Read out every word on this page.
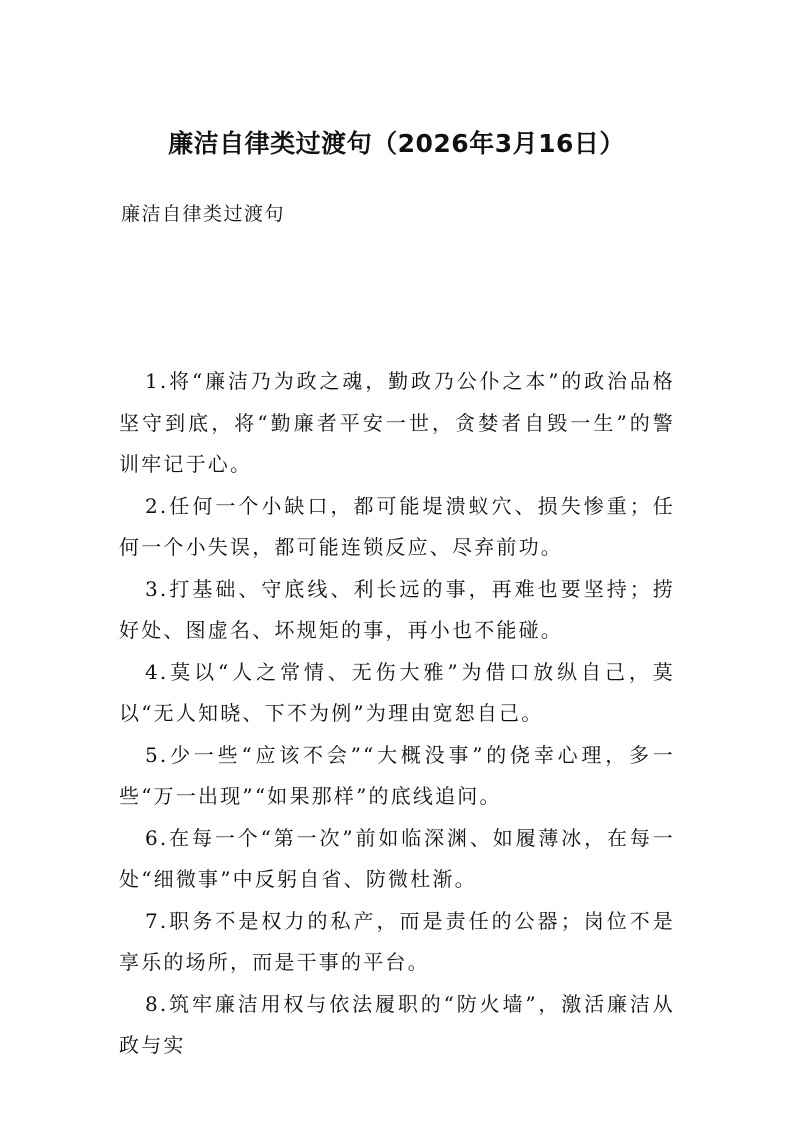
廉洁自律类过渡句（2026年3月16日）
廉洁自律类过渡句

1.将“廉洁乃为政之魂，勤政乃公仆之本”的政治品格坚守到底，将“勤廉者平安一世，贪婪者自毁一生”的警训牢记于心。

2.任何一个小缺口，都可能堤溃蚁穴、损失惨重；任何一个小失误，都可能连锁反应、尽弃前功。

3.打基础、守底线、利长远的事，再难也要坚持；捞好处、图虚名、坏规矩的事，再小也不能碰。

4.莫以“人之常情、无伤大雅”为借口放纵自己，莫以“无人知晓、下不为例”为理由宽恕自己。

5.少一些“应该不会”“大概没事”的侥幸心理，多一些“万一出现”“如果那样”的底线追问。

6.在每一个“第一次”前如临深渊、如履薄冰，在每一处“细微事”中反躬自省、防微杜渐。

7.职务不是权力的私产，而是责任的公器；岗位不是享乐的场所，而是干事的平台。

8.筑牢廉洁用权与依法履职的“防火墙”，激活廉洁从政与实
